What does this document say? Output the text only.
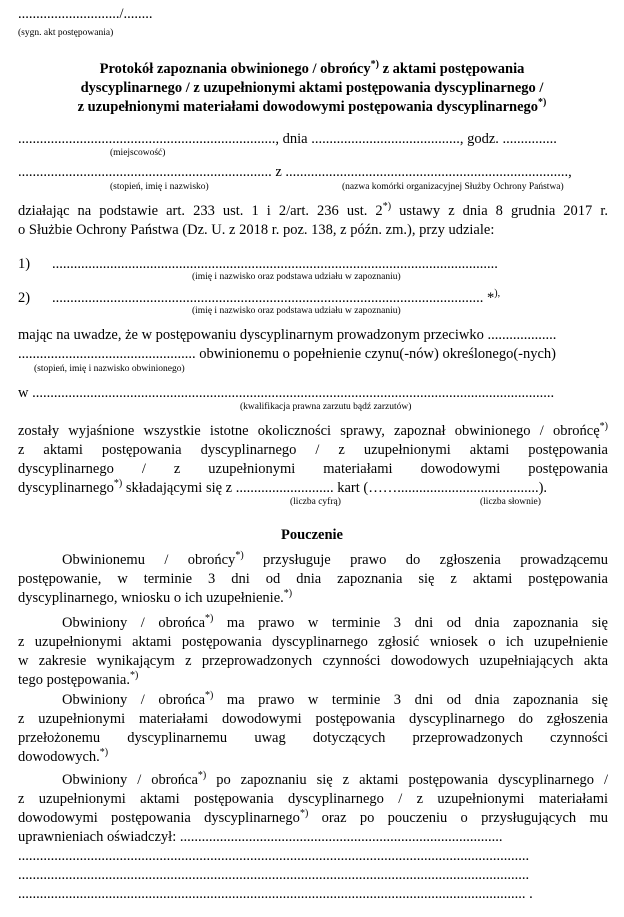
............................/........
(sygn. akt postępowania)
Protokół zapoznania obwinionego / obrońcy*) z aktami postępowania
dyscyplinarnego / z uzupełnionymi aktami postępowania dyscyplinarnego /
z uzupełnionymi materiałami dowodowymi postępowania dyscyplinarnego*)
......................................................................., dnia ........................................., godz. ...............
(miejscowość)
...................................................................... z ..............................................................................,
(stopień, imię i nazwisko)	(nazwa komórki organizacyjnej Służby Ochrony Państwa)
działając na podstawie art. 233 ust. 1 i 2/art. 236 ust. 2*) ustawy z dnia 8 grudnia 2017 r.
o Służbie Ochrony Państwa (Dz. U. z 2018 r. poz. 138, z późn. zm.), przy udziale:
1) ...........................................................................................................................
(imię i nazwisko oraz podstawa udziału w zapoznaniu)
2) ....................................................................................................................... *),
(imię i nazwisko oraz podstawa udziału w zapoznaniu)
mając na uwadze, że w postępowaniu dyscyplinarnym prowadzonym przeciwko ...................
................................................. obwinionemu o popełnienie czynu(-nów) określonego(-nych)
(stopień, imię i nazwisko obwinionego)
w ................................................................................................................................................
(kwalifikacja prawna zarzutu bądź zarzutów)
zostały wyjaśnione wszystkie istotne okoliczności sprawy, zapoznał obwinionego / obrońcę*)
z aktami postępowania dyscyplinarnego / z uzupełnionymi aktami postępowania
dyscyplinarnego / z uzupełnionymi materiałami dowodowymi postępowania
dyscyplinarnego*) składającymi się z ........................... kart (…….......................................).
(liczba cyfrą)	(liczba słownie)
Pouczenie
Obwinionemu / obrońcy*) przysługuje prawo do zgłoszenia prowadzącemu
postępowanie, w terminie 3 dni od dnia zapoznania się z aktami postępowania
dyscyplinarnego, wniosku o ich uzupełnienie.*)
Obwiniony / obrońca*) ma prawo w terminie 3 dni od dnia zapoznania się
z uzupełnionymi aktami postępowania dyscyplinarnego zgłosić wniosek o ich uzupełnienie
w zakresie wynikającym z przeprowadzonych czynności dowodowych uzupełniających akta
tego postępowania.*)
Obwiniony / obrońca*) ma prawo w terminie 3 dni od dnia zapoznania się
z uzupełnionymi materiałami dowodowymi postępowania dyscyplinarnego do zgłoszenia
przełożonemu dyscyplinarnemu uwag dotyczących przeprowadzonych czynności
dowodowych.*)
Obwiniony / obrońca*) po zapoznaniu się z aktami postępowania dyscyplinarnego /
z uzupełnionymi aktami postępowania dyscyplinarnego / z uzupełnionymi materiałami
dowodowymi postępowania dyscyplinarnego*) oraz po pouczeniu o przysługujących mu
uprawnieniach oświadczył: .........................................................................................
.............................................................................................................................................
.............................................................................................................................................
............................................................................................................................................ .
